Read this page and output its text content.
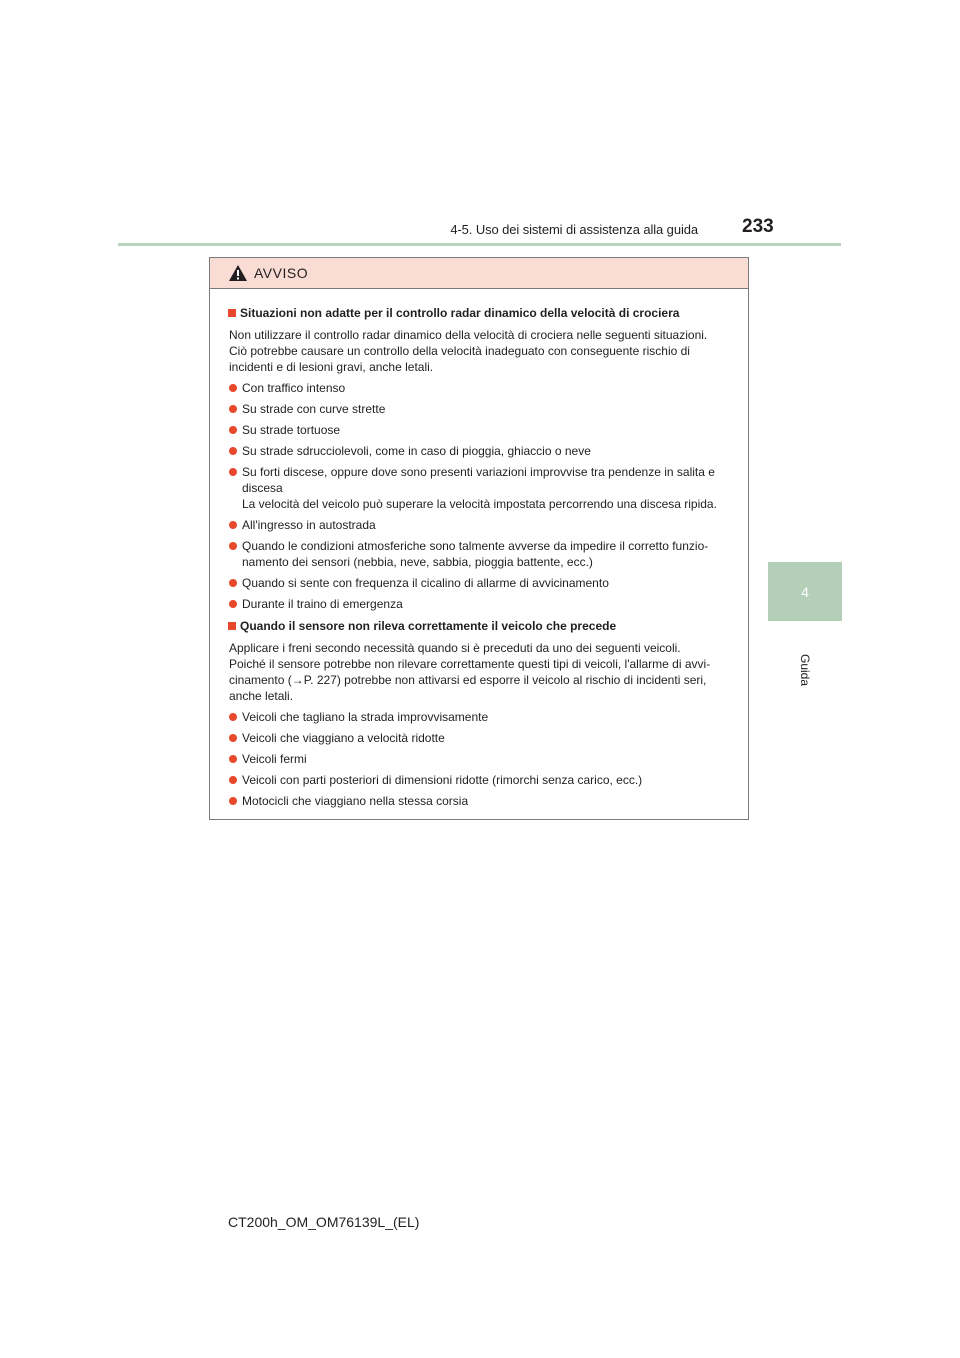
4-5. Uso dei sistemi di assistenza alla guida 233
4
Guida
AVVISO
Situazioni non adatte per il controllo radar dinamico della velocità di crociera
Non utilizzare il controllo radar dinamico della velocità di crociera nelle seguenti situazioni.
Ciò potrebbe causare un controllo della velocità inadeguato con conseguente rischio di
incidenti e di lesioni gravi, anche letali.
Con traffico intenso
Su strade con curve strette
Su strade tortuose
Su strade sdrucciolevoli, come in caso di pioggia, ghiaccio o neve
Su forti discese, oppure dove sono presenti variazioni improvvise tra pendenze in salita e
discesa
La velocità del veicolo può superare la velocità impostata percorrendo una discesa ripida.
All'ingresso in autostrada
Quando le condizioni atmosferiche sono talmente avverse da impedire il corretto funzio-
namento dei sensori (nebbia, neve, sabbia, pioggia battente, ecc.)
Quando si sente con frequenza il cicalino di allarme di avvicinamento
Durante il traino di emergenza
Quando il sensore non rileva correttamente il veicolo che precede
Applicare i freni secondo necessità quando si è preceduti da uno dei seguenti veicoli.
Poiché il sensore potrebbe non rilevare correttamente questi tipi di veicoli, l'allarme di avvi-
cinamento (→P. 227) potrebbe non attivarsi ed esporre il veicolo al rischio di incidenti seri,
anche letali.
Veicoli che tagliano la strada improvvisamente
Veicoli che viaggiano a velocità ridotte
Veicoli fermi
Veicoli con parti posteriori di dimensioni ridotte (rimorchi senza carico, ecc.)
Motocicli che viaggiano nella stessa corsia
CT200h_OM_OM76139L_(EL)
